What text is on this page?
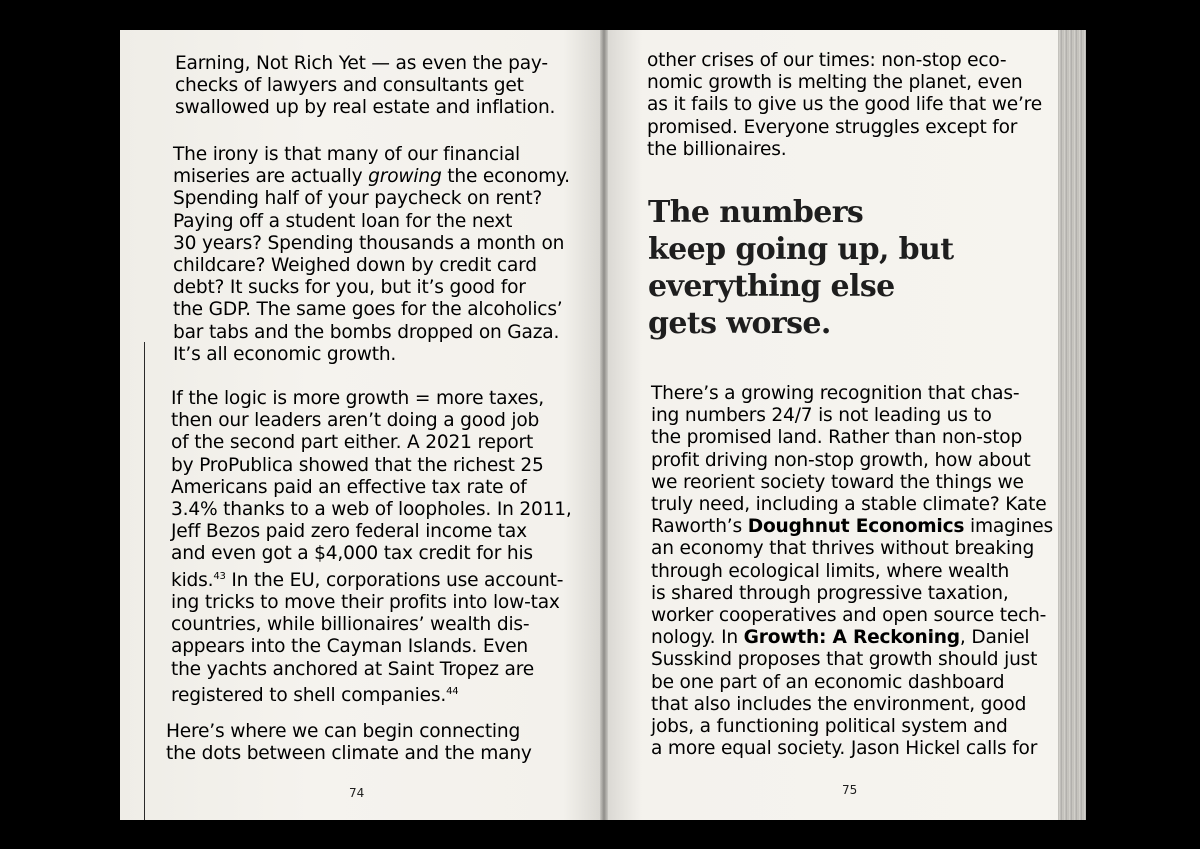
Earning, Not Rich Yet — as even the pay-
checks of lawyers and consultants get
swallowed up by real estate and inflation.

The irony is that many of our financial
miseries are actually growing the economy.
Spending half of your paycheck on rent?
Paying off a student loan for the next
30 years? Spending thousands a month on
childcare? Weighed down by credit card
debt? It sucks for you, but it’s good for
the GDP. The same goes for the alcoholics’
bar tabs and the bombs dropped on Gaza.
It’s all economic growth.

If the logic is more growth = more taxes,
then our leaders aren’t doing a good job
of the second part either. A 2021 report
by ProPublica showed that the richest 25
Americans paid an effective tax rate of
3.4% thanks to a web of loopholes. In 2011,
Jeff Bezos paid zero federal income tax
and even got a $4,000 tax credit for his
kids.$^{43}$ In the EU, corporations use account-
ing tricks to move their profits into low-tax
countries, while billionaires’ wealth dis-
appears into the Cayman Islands. Even
the yachts anchored at Saint Tropez are
registered to shell companies.$^{44}$

Here’s where we can begin connecting
the dots between climate and the many

74

other crises of our times: non-stop eco-
nomic growth is melting the planet, even
as it fails to give us the good life that we’re
promised. Everyone struggles except for
the billionaires.

The numbers
keep going up, but
everything else
gets worse.

There’s a growing recognition that chas-
ing numbers 24/7 is not leading us to
the promised land. Rather than non-stop
profit driving non-stop growth, how about
we reorient society toward the things we
truly need, including a stable climate? Kate
Raworth’s Doughnut Economics imagines
an economy that thrives without breaking
through ecological limits, where wealth
is shared through progressive taxation,
worker cooperatives and open source tech-
nology. In Growth: A Reckoning, Daniel
Susskind proposes that growth should just
be one part of an economic dashboard
that also includes the environment, good
jobs, a functioning political system and
a more equal society. Jason Hickel calls for

75
